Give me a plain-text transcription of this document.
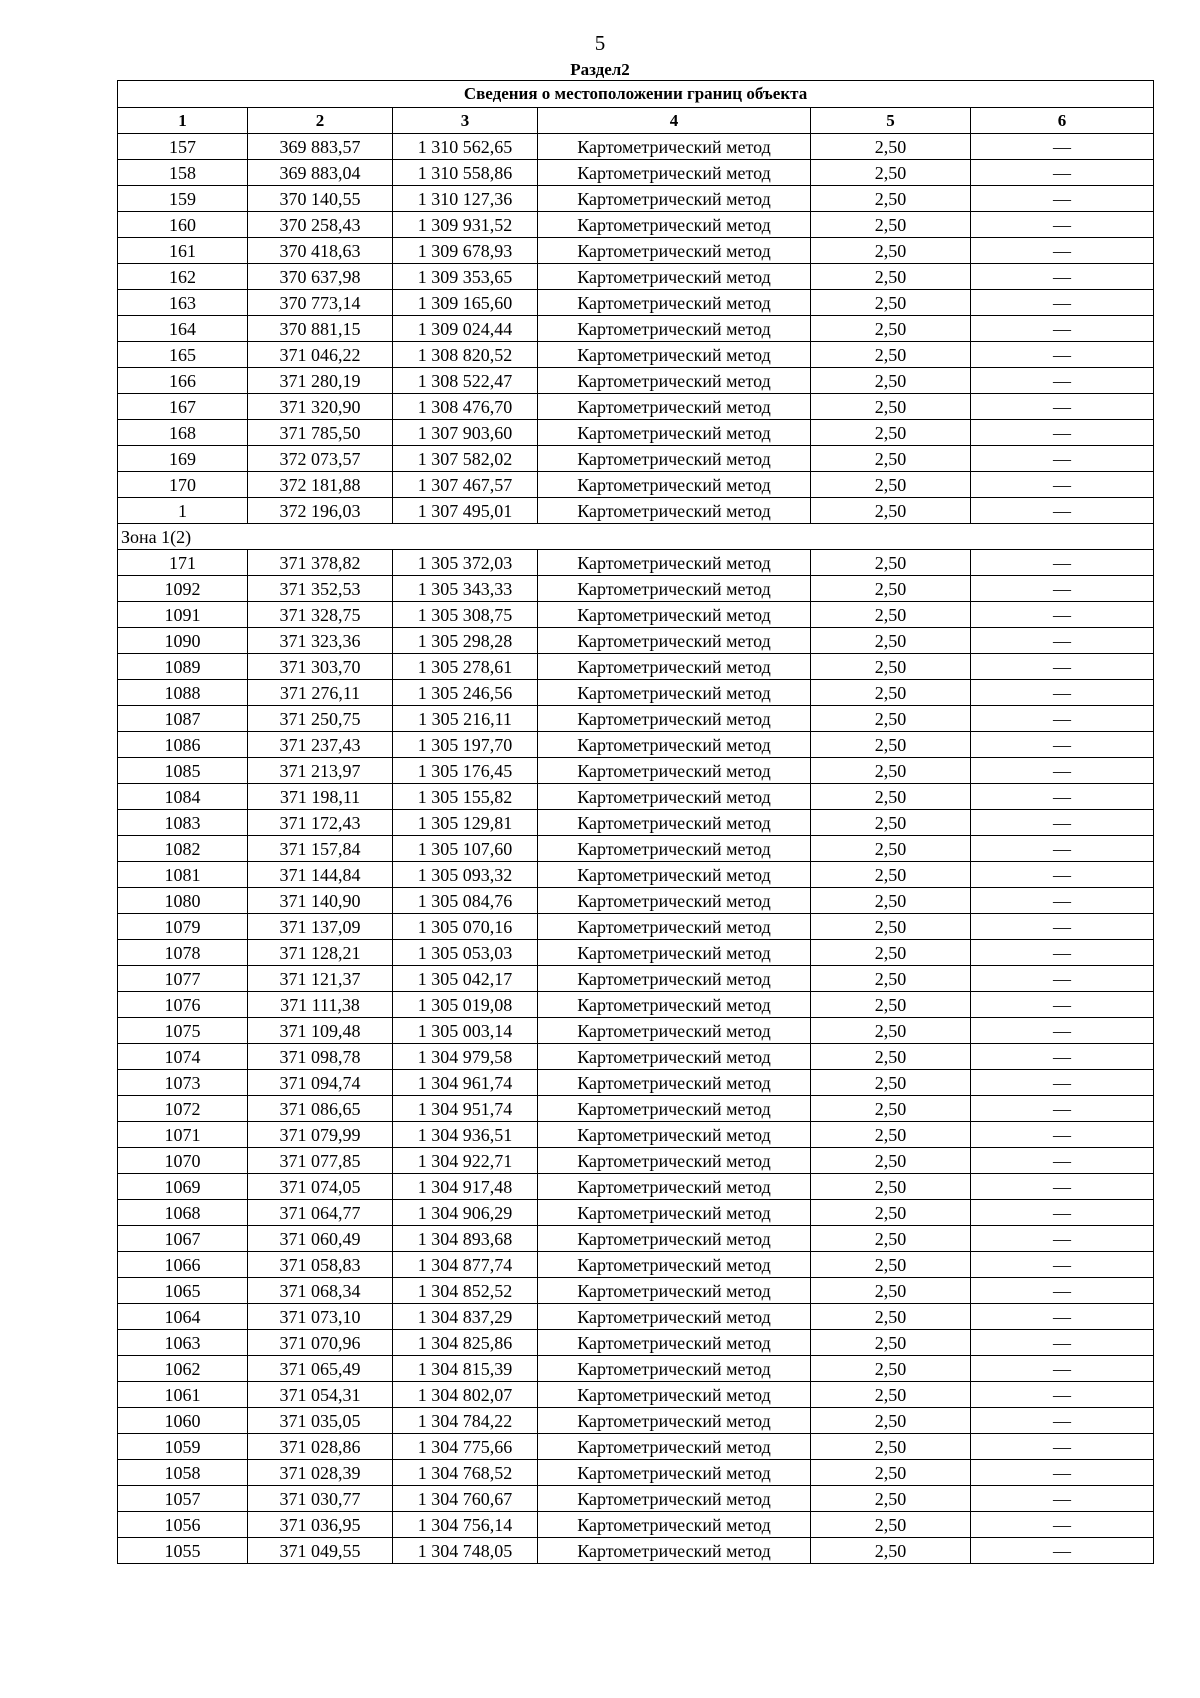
5
Раздел2
Сведения о местоположении границ объекта					
1	2	3	4	5	6
157	369 883,57	1 310 562,65	Картометрический метод	2,50	—
158	369 883,04	1 310 558,86	Картометрический метод	2,50	—
159	370 140,55	1 310 127,36	Картометрический метод	2,50	—
160	370 258,43	1 309 931,52	Картометрический метод	2,50	—
161	370 418,63	1 309 678,93	Картометрический метод	2,50	—
162	370 637,98	1 309 353,65	Картометрический метод	2,50	—
163	370 773,14	1 309 165,60	Картометрический метод	2,50	—
164	370 881,15	1 309 024,44	Картометрический метод	2,50	—
165	371 046,22	1 308 820,52	Картометрический метод	2,50	—
166	371 280,19	1 308 522,47	Картометрический метод	2,50	—
167	371 320,90	1 308 476,70	Картометрический метод	2,50	—
168	371 785,50	1 307 903,60	Картометрический метод	2,50	—
169	372 073,57	1 307 582,02	Картометрический метод	2,50	—
170	372 181,88	1 307 467,57	Картометрический метод	2,50	—
1	372 196,03	1 307 495,01	Картометрический метод	2,50	—
Зона 1(2)					
171	371 378,82	1 305 372,03	Картометрический метод	2,50	—
1092	371 352,53	1 305 343,33	Картометрический метод	2,50	—
1091	371 328,75	1 305 308,75	Картометрический метод	2,50	—
1090	371 323,36	1 305 298,28	Картометрический метод	2,50	—
1089	371 303,70	1 305 278,61	Картометрический метод	2,50	—
1088	371 276,11	1 305 246,56	Картометрический метод	2,50	—
1087	371 250,75	1 305 216,11	Картометрический метод	2,50	—
1086	371 237,43	1 305 197,70	Картометрический метод	2,50	—
1085	371 213,97	1 305 176,45	Картометрический метод	2,50	—
1084	371 198,11	1 305 155,82	Картометрический метод	2,50	—
1083	371 172,43	1 305 129,81	Картометрический метод	2,50	—
1082	371 157,84	1 305 107,60	Картометрический метод	2,50	—
1081	371 144,84	1 305 093,32	Картометрический метод	2,50	—
1080	371 140,90	1 305 084,76	Картометрический метод	2,50	—
1079	371 137,09	1 305 070,16	Картометрический метод	2,50	—
1078	371 128,21	1 305 053,03	Картометрический метод	2,50	—
1077	371 121,37	1 305 042,17	Картометрический метод	2,50	—
1076	371 111,38	1 305 019,08	Картометрический метод	2,50	—
1075	371 109,48	1 305 003,14	Картометрический метод	2,50	—
1074	371 098,78	1 304 979,58	Картометрический метод	2,50	—
1073	371 094,74	1 304 961,74	Картометрический метод	2,50	—
1072	371 086,65	1 304 951,74	Картометрический метод	2,50	—
1071	371 079,99	1 304 936,51	Картометрический метод	2,50	—
1070	371 077,85	1 304 922,71	Картометрический метод	2,50	—
1069	371 074,05	1 304 917,48	Картометрический метод	2,50	—
1068	371 064,77	1 304 906,29	Картометрический метод	2,50	—
1067	371 060,49	1 304 893,68	Картометрический метод	2,50	—
1066	371 058,83	1 304 877,74	Картометрический метод	2,50	—
1065	371 068,34	1 304 852,52	Картометрический метод	2,50	—
1064	371 073,10	1 304 837,29	Картометрический метод	2,50	—
1063	371 070,96	1 304 825,86	Картометрический метод	2,50	—
1062	371 065,49	1 304 815,39	Картометрический метод	2,50	—
1061	371 054,31	1 304 802,07	Картометрический метод	2,50	—
1060	371 035,05	1 304 784,22	Картометрический метод	2,50	—
1059	371 028,86	1 304 775,66	Картометрический метод	2,50	—
1058	371 028,39	1 304 768,52	Картометрический метод	2,50	—
1057	371 030,77	1 304 760,67	Картометрический метод	2,50	—
1056	371 036,95	1 304 756,14	Картометрический метод	2,50	—
1055	371 049,55	1 304 748,05	Картометрический метод	2,50	—
